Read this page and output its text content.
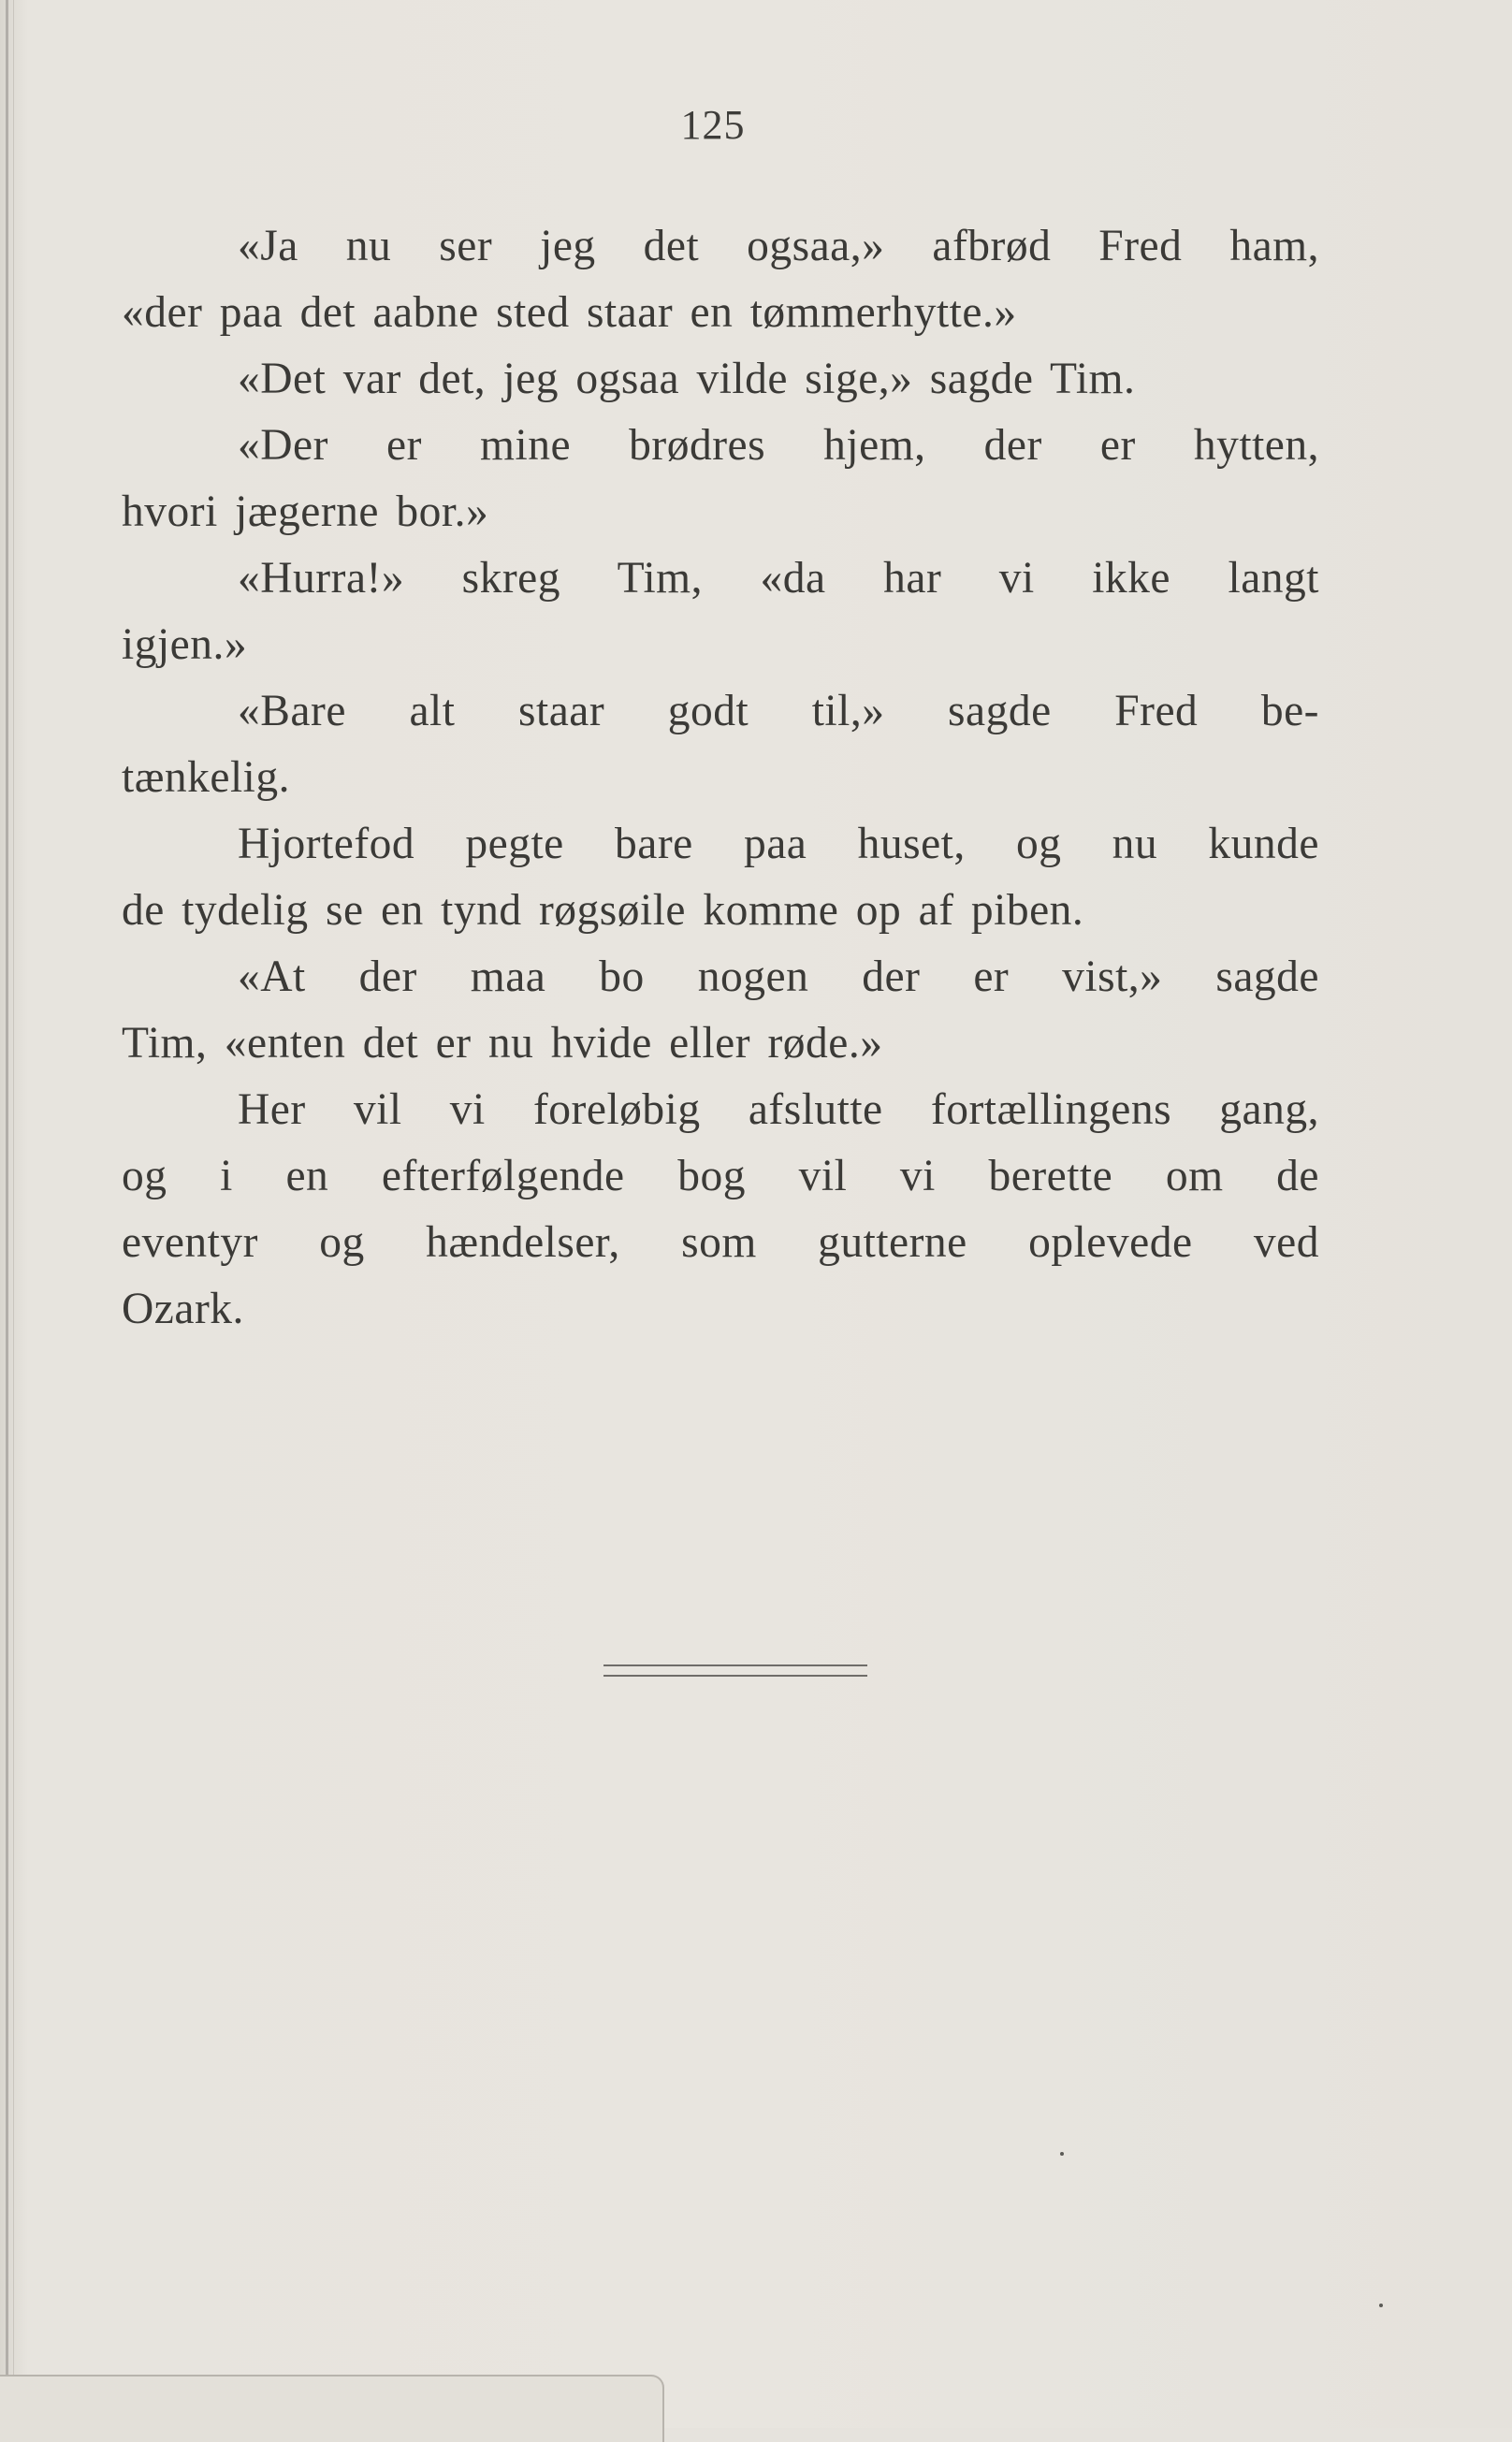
125
«Ja nu ser jeg det ogsaa,» afbrød Fred ham,
«der paa det aabne sted staar en tømmerhytte.»
«Det var det, jeg ogsaa vilde sige,» sagde Tim.
«Der er mine brødres hjem, der er hytten,
hvori jægerne bor.»
«Hurra!» skreg Tim, «da har vi ikke langt
igjen.»
«Bare alt staar godt til,» sagde Fred be-
tænkelig.
Hjortefod pegte bare paa huset, og nu kunde
de tydelig se en tynd røgsøile komme op af piben.
«At der maa bo nogen der er vist,» sagde
Tim, «enten det er nu hvide eller røde.»
Her vil vi foreløbig afslutte fortællingens gang,
og i en efterfølgende bog vil vi berette om de
eventyr og hændelser, som gutterne oplevede ved
Ozark.
